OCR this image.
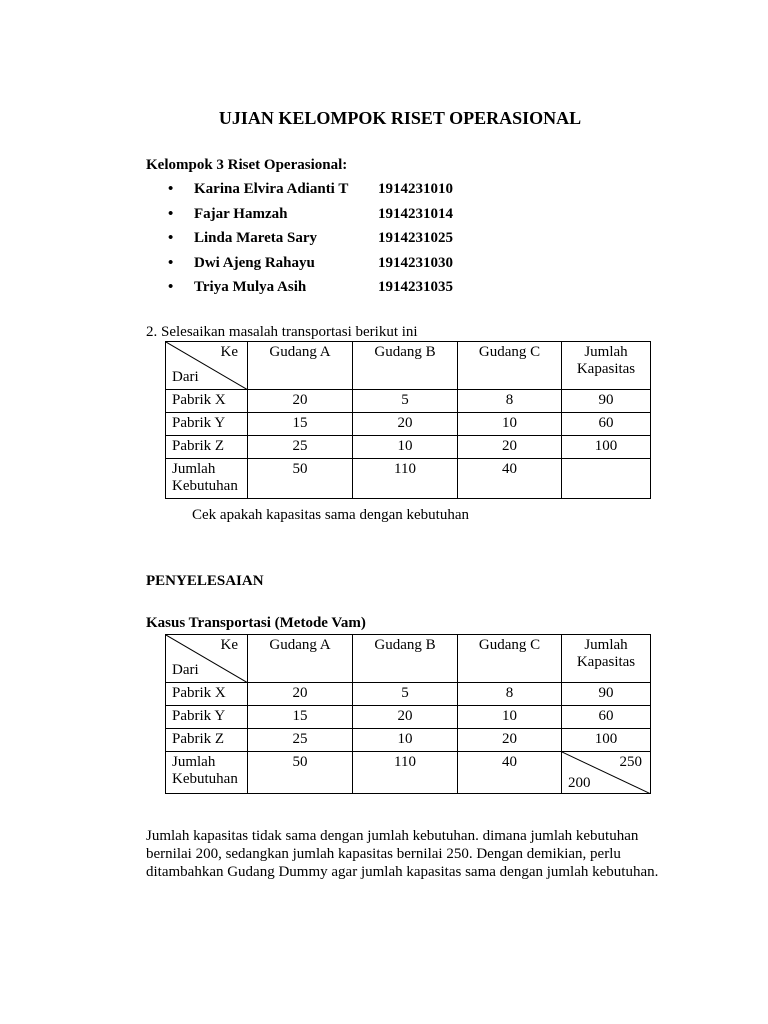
UJIAN KELOMPOK RISET OPERASIONAL
Kelompok 3 Riset Operasional:
• Karina Elvira Adianti T 1914231010
• Fajar Hamzah	1914231014
• Linda Mareta Sary	1914231025
• Dwi Ajeng Rahayu	1914231030
• Triya Mulya Asih	1914231035
2. Selesaikan masalah transportasi berikut ini
Ke
Dari	Gudang A	Gudang B	Gudang C	Jumlah Kapasitas
Pabrik X	20	5	8	90
Pabrik Y	15	20	10	60
Pabrik Z	25	10	20	100
Jumlah Kebutuhan	50	110	40	
Cek apakah kapasitas sama dengan kebutuhan
PENYELESAIAN
Kasus Transportasi (Metode Vam)
Ke
Dari	Gudang A	Gudang B	Gudang C	Jumlah Kapasitas
Pabrik X	20	5	8	90
Pabrik Y	15	20	10	60
Pabrik Z	25	10	20	100
Jumlah Kebutuhan	50	110	40	250
200
Jumlah kapasitas tidak sama dengan jumlah kebutuhan. dimana jumlah kebutuhan bernilai 200, sedangkan jumlah kapasitas bernilai 250. Dengan demikian, perlu ditambahkan Gudang Dummy agar jumlah kapasitas sama dengan jumlah kebutuhan.
